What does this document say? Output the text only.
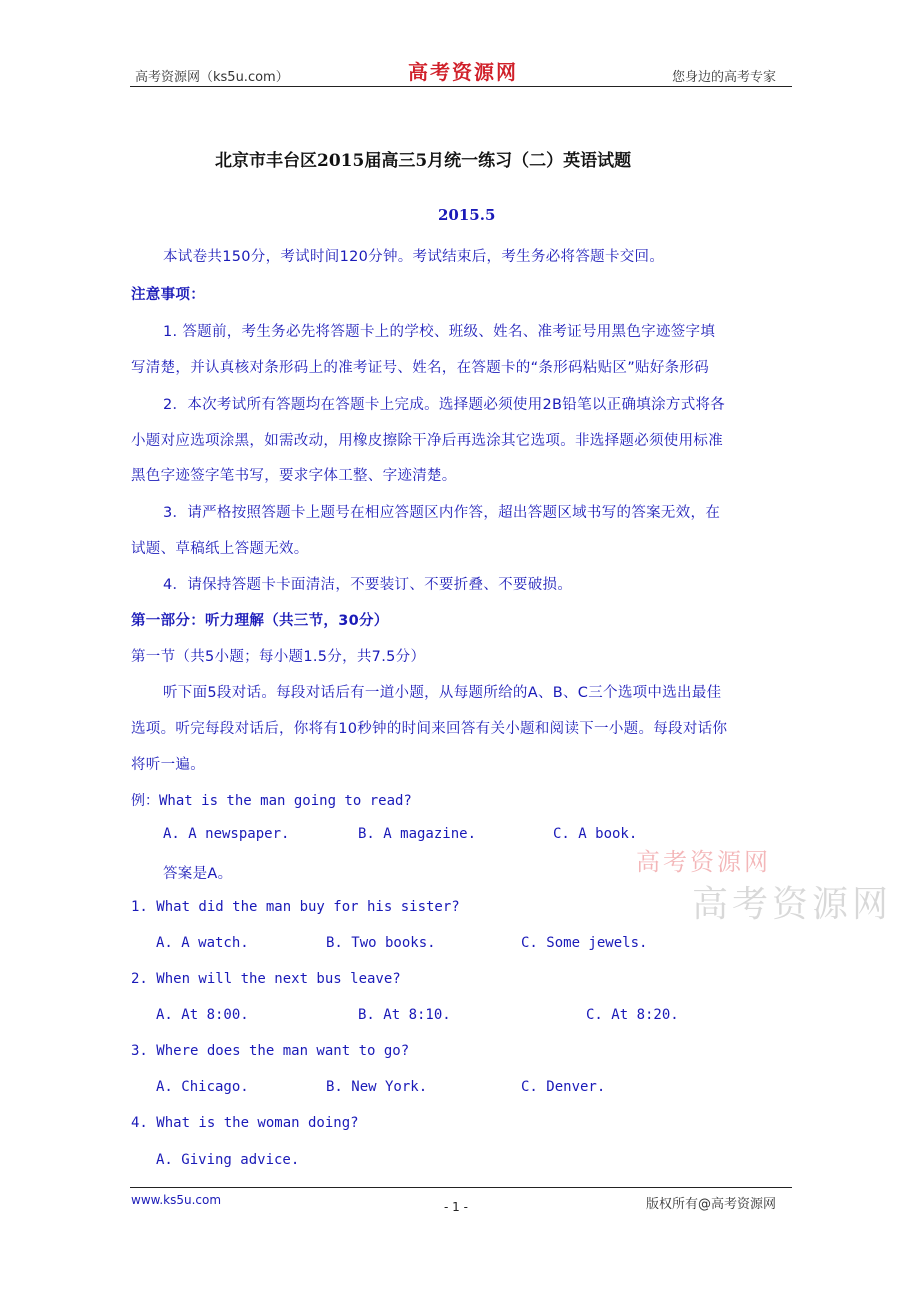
高考资源网（ks5u.com）	高考资源网	您身边的高考专家
北京市丰台区2015届高三5月统一练习（二）英语试题
2015.5
本试卷共150分，考试时间120分钟。考试结束后，考生务必将答题卡交回。
注意事项：
1. 答题前，考生务必先将答题卡上的学校、班级、姓名、准考证号用黑色字迹签字填
写清楚，并认真核对条形码上的准考证号、姓名，在答题卡的“条形码粘贴区”贴好条形码
2．本次考试所有答题均在答题卡上完成。选择题必须使用2B铅笔以正确填涂方式将各
小题对应选项涂黑，如需改动，用橡皮擦除干净后再选涂其它选项。非选择题必须使用标准
黑色字迹签字笔书写，要求字体工整、字迹清楚。
3．请严格按照答题卡上题号在相应答题区内作答，超出答题区域书写的答案无效，在
试题、草稿纸上答题无效。
4．请保持答题卡卡面清洁，不要装订、不要折叠、不要破损。
第一部分：听力理解（共三节，30分）
第一节（共5小题；每小题1.5分，共7.5分）
听下面5段对话。每段对话后有一道小题，从每题所给的A、B、C三个选项中选出最佳
选项。听完每段对话后，你将有10秒钟的时间来回答有关小题和阅读下一小题。每段对话你
将听一遍。
例：What is the man going to read?
A. A newspaper.	B. A magazine.	C. A book.
答案是A。	高考资源网
高考资源网
1. What did the man buy for his sister?
A. A watch.	B. Two books.	C. Some jewels.
2. When will the next bus leave?
A. At 8:00.	B. At 8:10.	C. At 8:20.
3. Where does the man want to go?
A. Chicago.	B. New York.	C. Denver.
4. What is the woman doing?
A. Giving advice.
www.ks5u.com	- 1 -	版权所有@高考资源网
